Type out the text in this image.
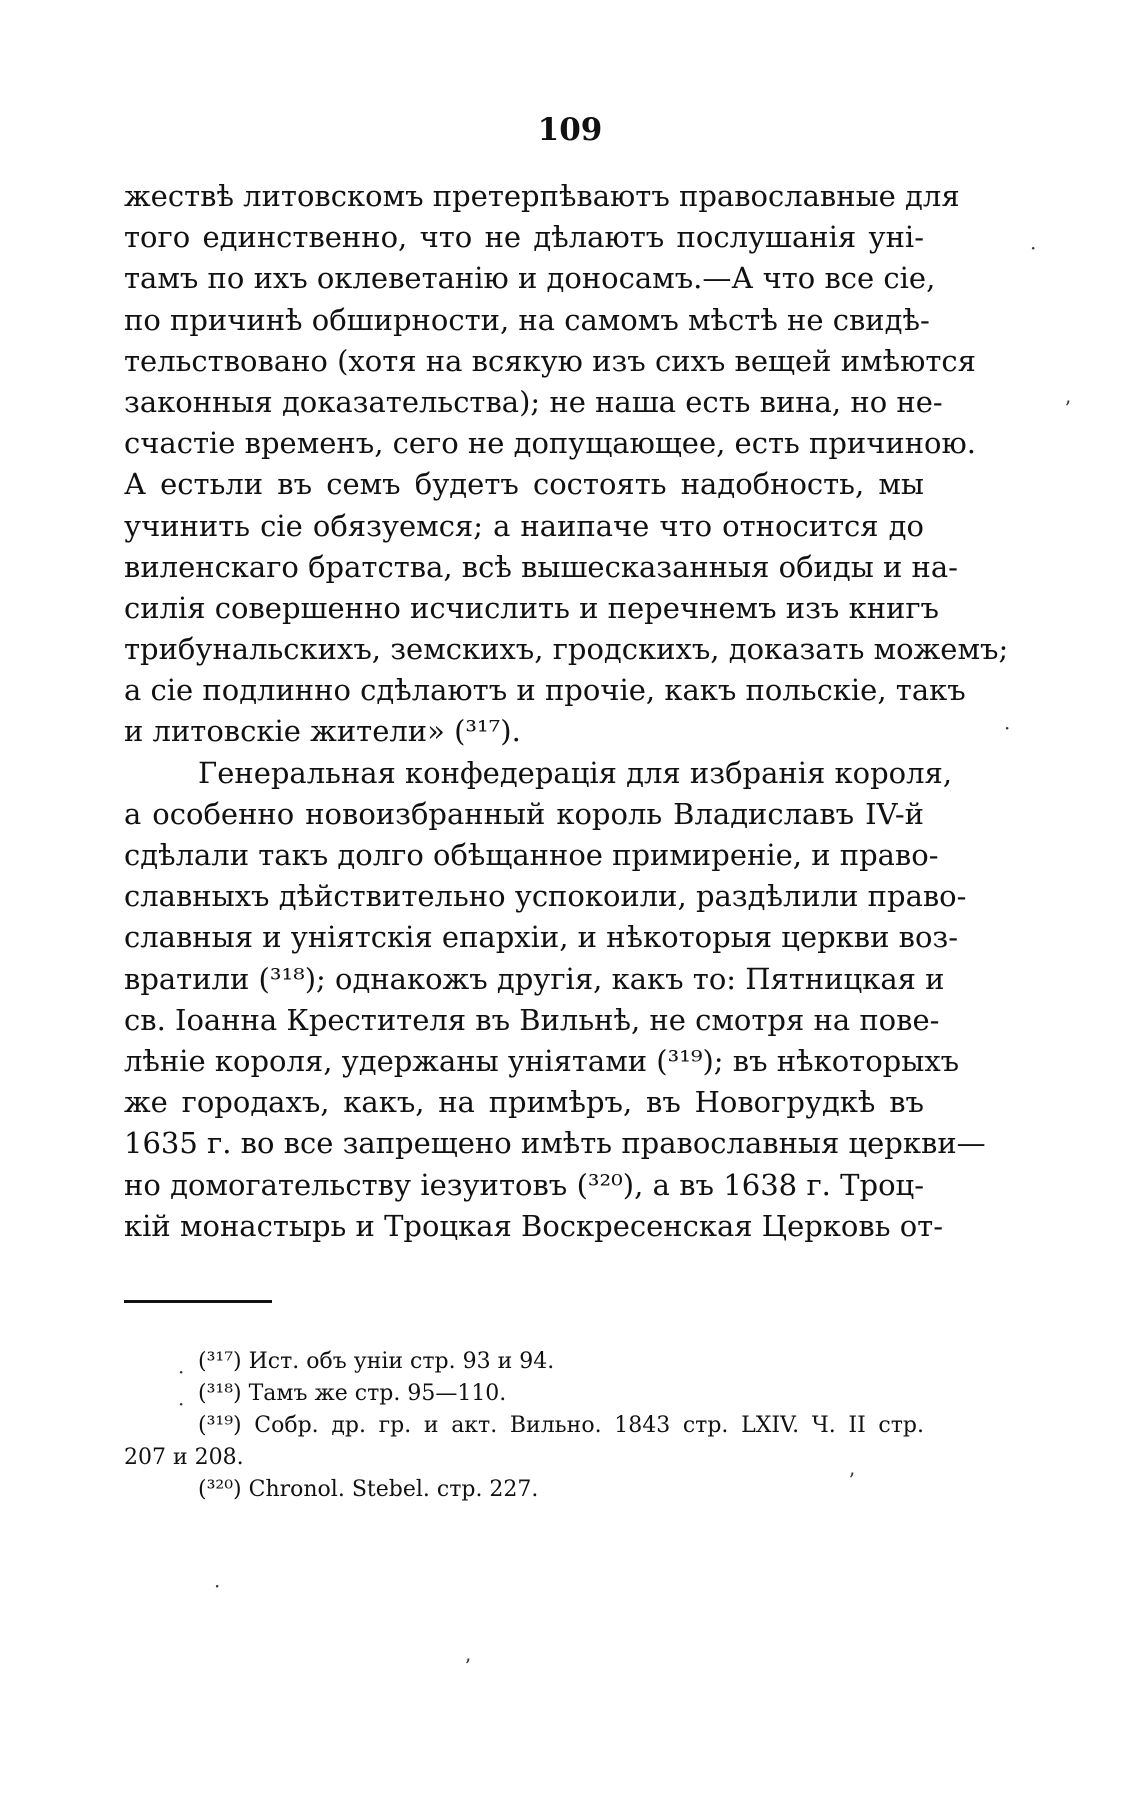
109
жествѣ литовскомъ претерпѣваютъ православные для
того единственно, что не дѣлаютъ послушанія уні-
тамъ по ихъ оклеветанію и доносамъ.—А что все сіе,
по причинѣ обширности, на самомъ мѣстѣ не свидѣ-
тельствовано (хотя на всякую изъ сихъ вещей имѣются
законныя доказательства); не наша есть вина, но не-
счастіе временъ, сего не допущающее, есть причиною.
А естьли въ семъ будетъ состоять надобность, мы
учинить сіе обязуемся; а наипаче что относится до
виленскаго братства, всѣ вышесказанныя обиды и на-
силія совершенно исчислить и перечнемъ изъ книгъ
трибунальскихъ, земскихъ, гродскихъ, доказать можемъ;
а сіе подлинно сдѣлаютъ и прочіе, какъ польскіе, такъ
и литовскіе жители» (³¹⁷).
Генеральная конфедерація для избранія короля,
а особенно новоизбранный король Владиславъ IV-й
сдѣлали такъ долго обѣщанное примиреніе, и право-
славныхъ дѣйствительно успокоили, раздѣлили право-
славныя и уніятскія епархіи, и нѣкоторыя церкви воз-
вратили (³¹⁸); однакожъ другія, какъ то: Пятницкая и
св. Іоанна Крестителя въ Вильнѣ, не смотря на пове-
лѣніе короля, удержаны уніятами (³¹⁹); въ нѣкоторыхъ
же городахъ, какъ, на примѣръ, въ Новогрудкѣ въ
1635 г. во все запрещено имѣть православныя церкви—
но домогательству іезуитовъ (³²⁰), а въ 1638 г. Троц-
кій монастырь и Троцкая Воскресенская Церковь от-
(³¹⁷) Ист. объ уніи стр. 93 и 94.
(³¹⁸) Тамъ же стр. 95—110.
(³¹⁹) Собр. др. гр. и акт. Вильно. 1843 стр. LXIV. Ч. II стр.
207 и 208.
(³²⁰) Chronol. Stebel. стр. 227.
·
ʼ
·
·
·
ʼ
·
ʼ
